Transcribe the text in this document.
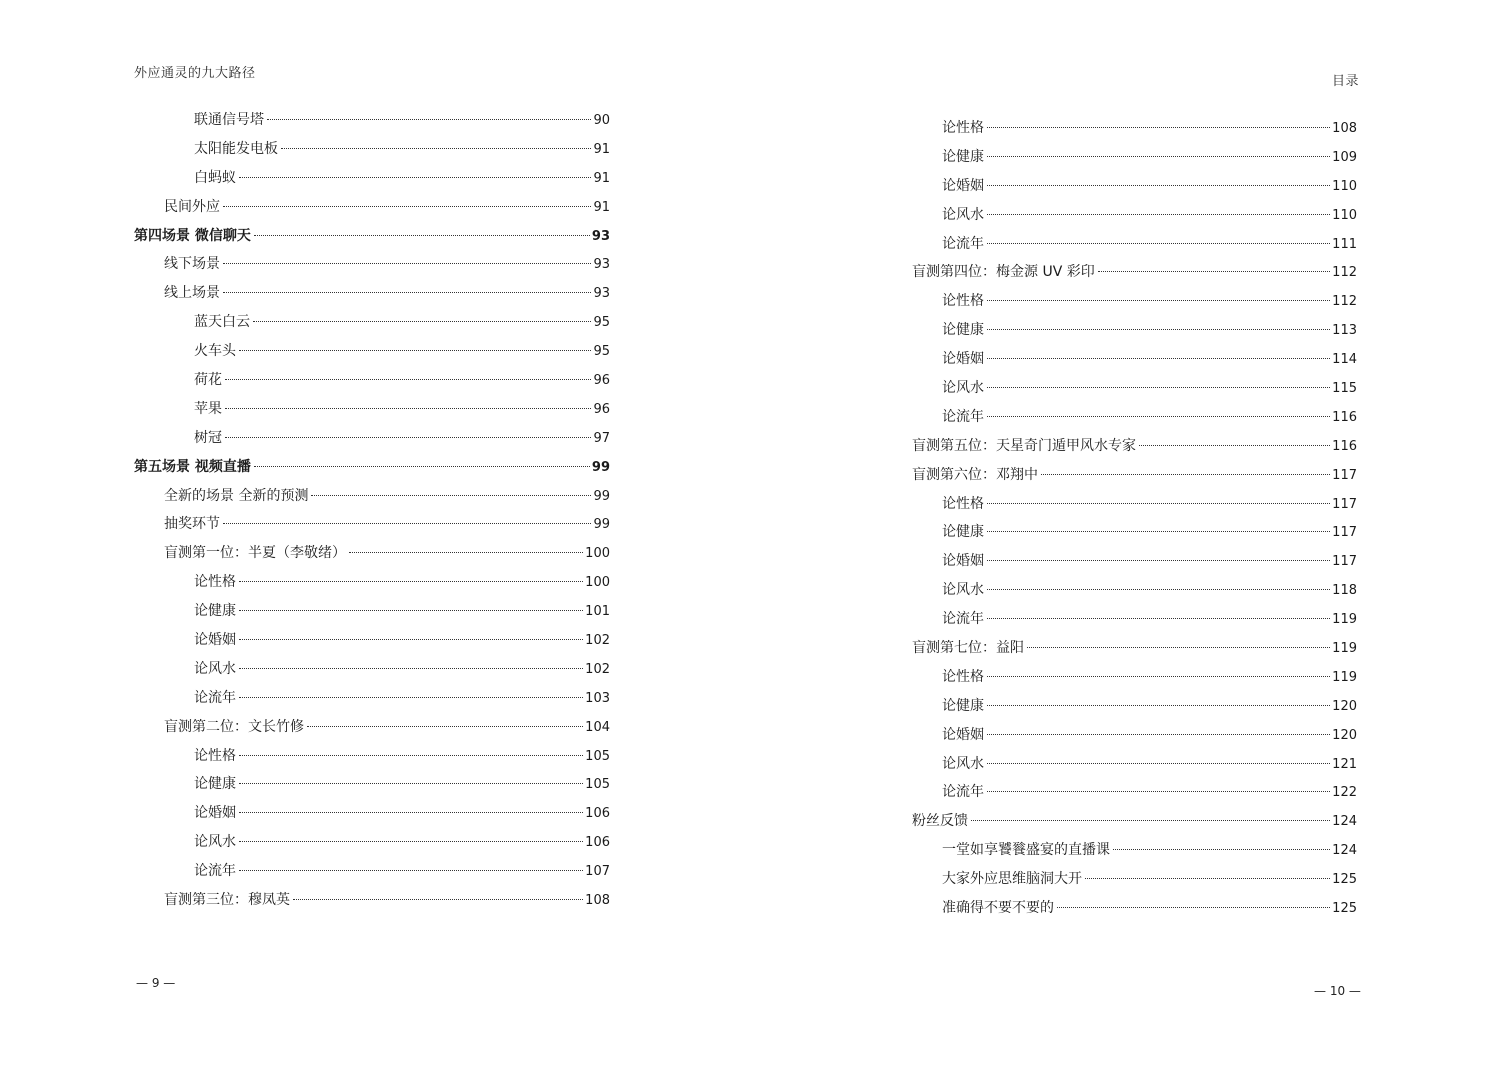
外应通灵的九大路径
联通信号塔	90
太阳能发电板	91
白蚂蚁	91
民间外应	91
第四场景 微信聊天	93
线下场景	93
线上场景	93
蓝天白云	95
火车头	95
荷花	96
苹果	96
树冠	97
第五场景 视频直播	99
全新的场景 全新的预测	99
抽奖环节	99
盲测第一位：半夏（李敬绪）	100
论性格	100
论健康	101
论婚姻	102
论风水	102
论流年	103
盲测第二位：文长竹修	104
论性格	105
论健康	105
论婚姻	106
论风水	106
论流年	107
盲测第三位：穆凤英	108
— 9 —
目录
论性格	108
论健康	109
论婚姻	110
论风水	110
论流年	111
盲测第四位：梅金源 UV 彩印	112
论性格	112
论健康	113
论婚姻	114
论风水	115
论流年	116
盲测第五位：天星奇门遁甲风水专家	116
盲测第六位：邓翔中	117
论性格	117
论健康	117
论婚姻	117
论风水	118
论流年	119
盲测第七位：益阳	119
论性格	119
论健康	120
论婚姻	120
论风水	121
论流年	122
粉丝反馈	124
一堂如享饕餮盛宴的直播课	124
大家外应思维脑洞大开	125
准确得不要不要的	125
— 10 —
